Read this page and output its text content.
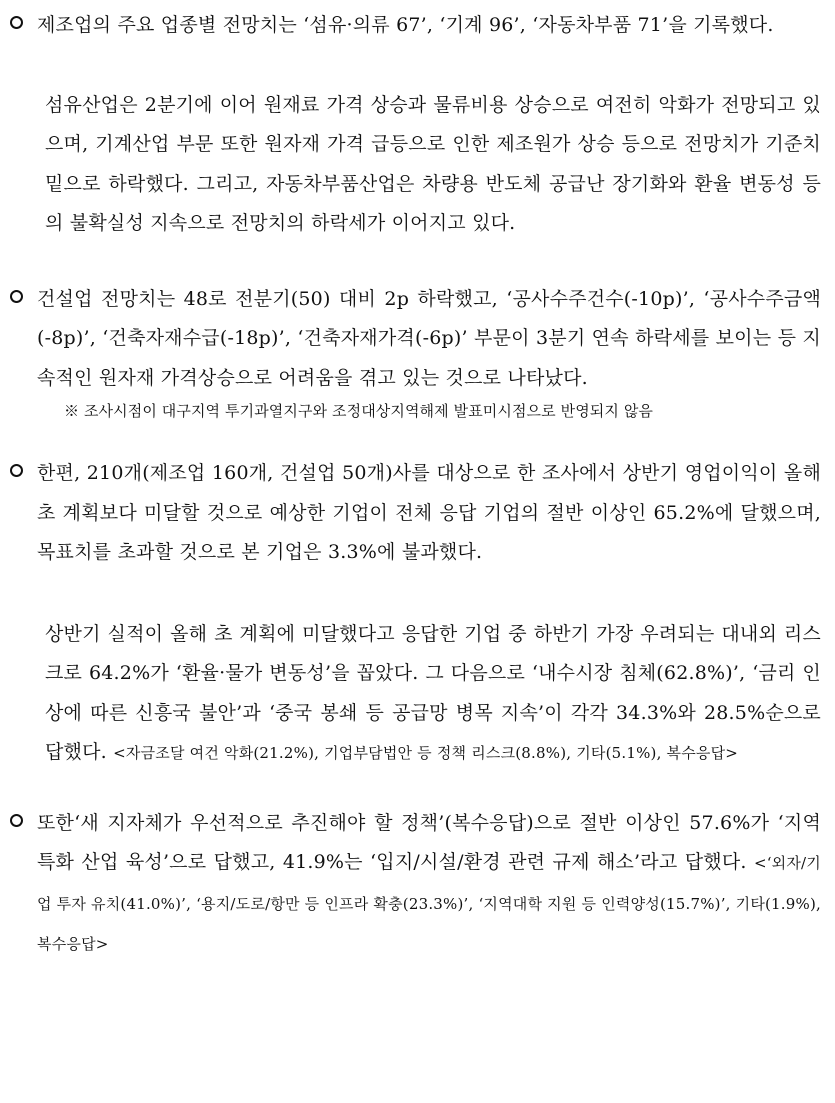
제조업의 주요 업종별 전망치는 ‘섬유·의류 67’, ‘기계 96’, ‘자동차부품 71’을 기록했다.

섬유산업은 2분기에 이어 원재료 가격 상승과 물류비용 상승으로 여전히 악화가 전망되고 있으며, 기계산업 부문 또한 원자재 가격 급등으로 인한 제조원가 상승 등으로 전망치가 기준치 밑으로 하락했다. 그리고, 자동차부품산업은 차량용 반도체 공급난 장기화와 환율 변동성 등의 불확실성 지속으로 전망치의 하락세가 이어지고 있다.

건설업 전망치는 48로 전분기(50) 대비 2p 하락했고, ‘공사수주건수(-10p)’, ‘공사수주금액(-8p)’, ‘건축자재수급(-18p)’, ‘건축자재가격(-6p)’ 부문이 3분기 연속 하락세를 보이는 등 지속적인 원자재 가격상승으로 어려움을 겪고 있는 것으로 나타났다.

※ 조사시점이 대구지역 투기과열지구와 조정대상지역해제 발표미시점으로 반영되지 않음

한편, 210개(제조업 160개, 건설업 50개)사를 대상으로 한 조사에서 상반기 영업이익이 올해 초 계획보다 미달할 것으로 예상한 기업이 전체 응답 기업의 절반 이상인 65.2%에 달했으며, 목표치를 초과할 것으로 본 기업은 3.3%에 불과했다.

상반기 실적이 올해 초 계획에 미달했다고 응답한 기업 중 하반기 가장 우려되는 대내외 리스크로 64.2%가 ‘환율·물가 변동성’을 꼽았다. 그 다음으로 ‘내수시장 침체(62.8%)’, ‘금리 인상에 따른 신흥국 불안’과 ‘중국 봉쇄 등 공급망 병목 지속’이 각각 34.3%와 28.5%순으로 답했다. <자금조달 여건 악화(21.2%), 기업부담법안 등 정책 리스크(8.8%), 기타(5.1%), 복수응답>

또한‘새 지자체가 우선적으로 추진해야 할 정책’(복수응답)으로 절반 이상인 57.6%가 ‘지역 특화 산업 육성’으로 답했고, 41.9%는 ‘입지/시설/환경 관련 규제 해소’라고 답했다. <‘외자/기업 투자 유치(41.0%)’, ‘용지/도로/항만 등 인프라 확충(23.3%)’, ‘지역대학 지원 등 인력양성(15.7%)’, 기타(1.9%), 복수응답>
